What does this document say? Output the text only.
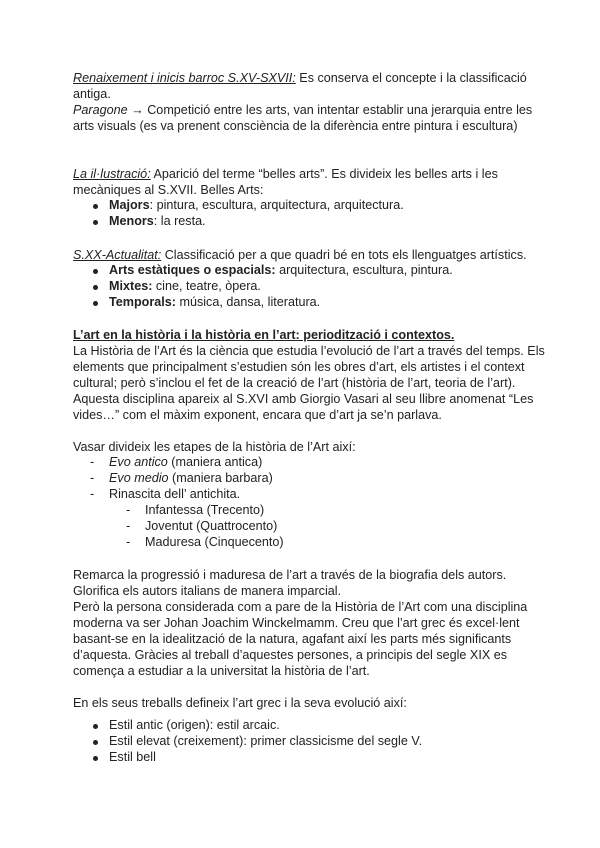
Renaixement i inicis barroc S.XV-SXVII: Es conserva el concepte i la classificació
antiga.
Paragone → Competició entre les arts, van intentar establir una jerarquia entre les
arts visuals (es va prenent consciència de la diferència entre pintura i escultura)
La il·lustració: Aparició del terme “belles arts”. Es divideix les belles arts i les
mecàniques al S.XVII. Belles Arts:
Majors: pintura, escultura, arquitectura, arquitectura.
Menors: la resta.
S.XX-Actualitat: Classificació per a que quadri bé en tots els llenguatges artístics.
Arts estàtiques o espacials: arquitectura, escultura, pintura.
Mixtes: cine, teatre, òpera.
Temporals: música, dansa, literatura.
L’art en la història i la història en l’art: periodització i contextos.
La Història de l’Art és la ciència que estudia l’evolució de l’art a través del temps. Els
elements que principalment s’estudien són les obres d’art, els artistes i el context
cultural; però s’inclou el fet de la creació de l’art (història de l’art, teoria de l’art).
Aquesta disciplina apareix al S.XVI amb Giorgio Vasari al seu llibre anomenat “Les
vides…” com el màxim exponent, encara que d’art ja se’n parlava.
Vasar divideix les etapes de la història de l’Art així:
-	Evo antico (maniera antica)
-	Evo medio (maniera barbara)
-	Rinascita dell’ antichita.
-	Infantessa (Trecento)
-	Joventut (Quattrocento)
-	Maduresa (Cinquecento)
Remarca la progressió i maduresa de l’art a través de la biografia dels autors.
Glorifica els autors italians de manera imparcial.
Però la persona considerada com a pare de la Història de l’Art com una disciplina
moderna va ser Johan Joachim Winckelmamm. Creu que l’art grec és excel·lent
basant-se en la idealització de la natura, agafant així les parts més significants
d’aquesta. Gràcies al treball d’aquestes persones, a principis del segle XIX es
comença a estudiar a la universitat la història de l’art.
En els seus treballs defineix l’art grec i la seva evolució així:
Estil antic (origen): estil arcaic.
Estil elevat (creixement): primer classicisme del segle V.
Estil bell
